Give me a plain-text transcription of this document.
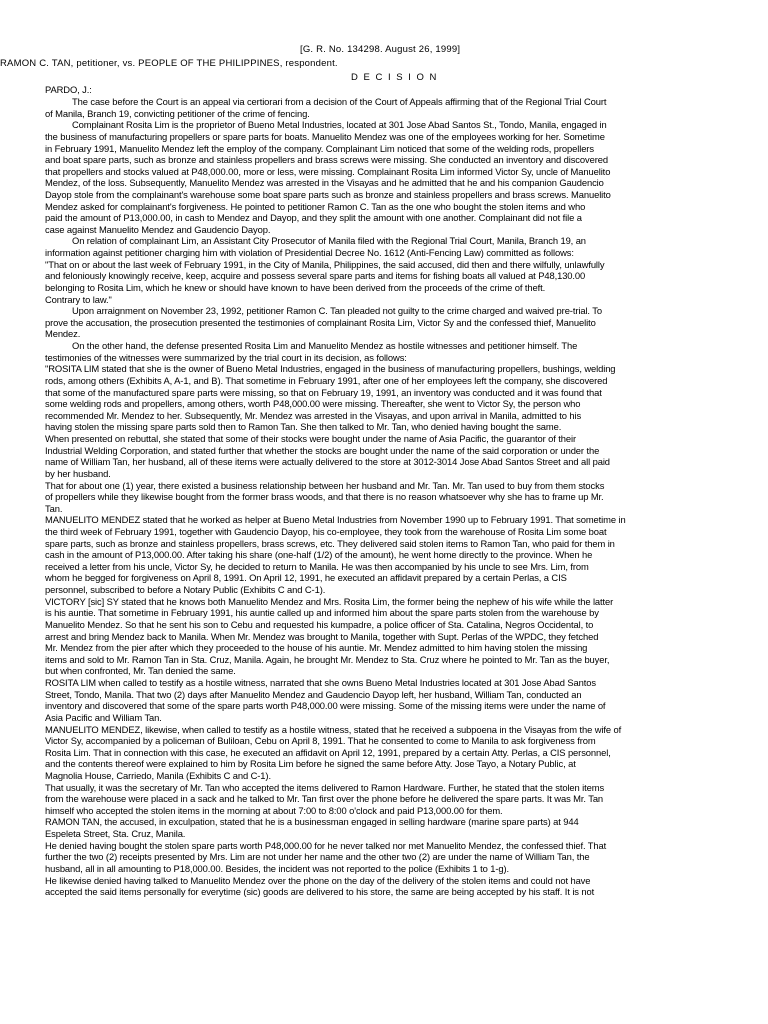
[G. R. No. 134298. August 26, 1999]
RAMON C. TAN, petitioner, vs. PEOPLE OF THE PHILIPPINES, respondent.
D E C I S I O N
PARDO, J.:
The case before the Court is an appeal via certiorari from a decision of the Court of Appeals affirming that of the Regional Trial Court
of Manila, Branch 19, convicting petitioner of the crime of fencing.
Complainant Rosita Lim is the proprietor of Bueno Metal Industries, located at 301 Jose Abad Santos St., Tondo, Manila, engaged in
the business of manufacturing propellers or spare parts for boats. Manuelito Mendez was one of the employees working for her. Sometime
in February 1991, Manuelito Mendez left the employ of the company. Complainant Lim noticed that some of the welding rods, propellers
and boat spare parts, such as bronze and stainless propellers and brass screws were missing. She conducted an inventory and discovered
that propellers and stocks valued at P48,000.00, more or less, were missing. Complainant Rosita Lim informed Victor Sy, uncle of Manuelito
Mendez, of the loss. Subsequently, Manuelito Mendez was arrested in the Visayas and he admitted that he and his companion Gaudencio
Dayop stole from the complainant's warehouse some boat spare parts such as bronze and stainless propellers and brass screws. Manuelito
Mendez asked for complainant's forgiveness. He pointed to petitioner Ramon C. Tan as the one who bought the stolen items and who
paid the amount of P13,000.00, in cash to Mendez and Dayop, and they split the amount with one another. Complainant did not file a
case against Manuelito Mendez and Gaudencio Dayop.
On relation of complainant Lim, an Assistant City Prosecutor of Manila filed with the Regional Trial Court, Manila, Branch 19, an
information against petitioner charging him with violation of Presidential Decree No. 1612 (Anti-Fencing Law) committed as follows:
"That on or about the last week of February 1991, in the City of Manila, Philippines, the said accused, did then and there wilfully, unlawfully
and feloniously knowingly receive, keep, acquire and possess several spare parts and items for fishing boats all valued at P48,130.00
belonging to Rosita Lim, which he knew or should have known to have been derived from the proceeds of the crime of theft.
Contrary to law."
Upon arraignment on November 23, 1992, petitioner Ramon C. Tan pleaded not guilty to the crime charged and waived pre-trial. To
prove the accusation, the prosecution presented the testimonies of complainant Rosita Lim, Victor Sy and the confessed thief, Manuelito
Mendez.
On the other hand, the defense presented Rosita Lim and Manuelito Mendez as hostile witnesses and petitioner himself. The
testimonies of the witnesses were summarized by the trial court in its decision, as follows:
"ROSITA LIM stated that she is the owner of Bueno Metal Industries, engaged in the business of manufacturing propellers, bushings, welding
rods, among others (Exhibits A, A-1, and B). That sometime in February 1991, after one of her employees left the company, she discovered
that some of the manufactured spare parts were missing, so that on February 19, 1991, an inventory was conducted and it was found that
some welding rods and propellers, among others, worth P48,000.00 were missing. Thereafter, she went to Victor Sy, the person who
recommended Mr. Mendez to her. Subsequently, Mr. Mendez was arrested in the Visayas, and upon arrival in Manila, admitted to his
having stolen the missing spare parts sold then to Ramon Tan. She then talked to Mr. Tan, who denied having bought the same.
When presented on rebuttal, she stated that some of their stocks were bought under the name of Asia Pacific, the guarantor of their
Industrial Welding Corporation, and stated further that whether the stocks are bought under the name of the said corporation or under the
name of William Tan, her husband, all of these items were actually delivered to the store at 3012-3014 Jose Abad Santos Street and all paid
by her husband.
That for about one (1) year, there existed a business relationship between her husband and Mr. Tan. Mr. Tan used to buy from them stocks
of propellers while they likewise bought from the former brass woods, and that there is no reason whatsoever why she has to frame up Mr.
Tan.
MANUELITO MENDEZ stated that he worked as helper at Bueno Metal Industries from November 1990 up to February 1991. That sometime in
the third week of February 1991, together with Gaudencio Dayop, his co-employee, they took from the warehouse of Rosita Lim some boat
spare parts, such as bronze and stainless propellers, brass screws, etc. They delivered said stolen items to Ramon Tan, who paid for them in
cash in the amount of P13,000.00. After taking his share (one-half (1/2) of the amount), he went home directly to the province. When he
received a letter from his uncle, Victor Sy, he decided to return to Manila. He was then accompanied by his uncle to see Mrs. Lim, from
whom he begged for forgiveness on April 8, 1991. On April 12, 1991, he executed an affidavit prepared by a certain Perlas, a CIS
personnel, subscribed to before a Notary Public (Exhibits C and C-1).
VICTORY [sic] SY stated that he knows both Manuelito Mendez and Mrs. Rosita Lim, the former being the nephew of his wife while the latter
is his auntie. That sometime in February 1991, his auntie called up and informed him about the spare parts stolen from the warehouse by
Manuelito Mendez. So that he sent his son to Cebu and requested his kumpadre, a police officer of Sta. Catalina, Negros Occidental, to
arrest and bring Mendez back to Manila. When Mr. Mendez was brought to Manila, together with Supt. Perlas of the WPDC, they fetched
Mr. Mendez from the pier after which they proceeded to the house of his auntie. Mr. Mendez admitted to him having stolen the missing
items and sold to Mr. Ramon Tan in Sta. Cruz, Manila. Again, he brought Mr. Mendez to Sta. Cruz where he pointed to Mr. Tan as the buyer,
but when confronted, Mr. Tan denied the same.
ROSITA LIM when called to testify as a hostile witness, narrated that she owns Bueno Metal Industries located at 301 Jose Abad Santos
Street, Tondo, Manila. That two (2) days after Manuelito Mendez and Gaudencio Dayop left, her husband, William Tan, conducted an
inventory and discovered that some of the spare parts worth P48,000.00 were missing. Some of the missing items were under the name of
Asia Pacific and William Tan.
MANUELITO MENDEZ, likewise, when called to testify as a hostile witness, stated that he received a subpoena in the Visayas from the wife of
Victor Sy, accompanied by a policeman of Buliloan, Cebu on April 8, 1991. That he consented to come to Manila to ask forgiveness from
Rosita Lim. That in connection with this case, he executed an affidavit on April 12, 1991, prepared by a certain Atty. Perlas, a CIS personnel,
and the contents thereof were explained to him by Rosita Lim before he signed the same before Atty. Jose Tayo, a Notary Public, at
Magnolia House, Carriedo, Manila (Exhibits C and C-1).
That usually, it was the secretary of Mr. Tan who accepted the items delivered to Ramon Hardware. Further, he stated that the stolen items
from the warehouse were placed in a sack and he talked to Mr. Tan first over the phone before he delivered the spare parts. It was Mr. Tan
himself who accepted the stolen items in the morning at about 7:00 to 8:00 o'clock and paid P13,000.00 for them.
RAMON TAN, the accused, in exculpation, stated that he is a businessman engaged in selling hardware (marine spare parts) at 944
Espeleta Street, Sta. Cruz, Manila.
He denied having bought the stolen spare parts worth P48,000.00 for he never talked nor met Manuelito Mendez, the confessed thief. That
further the two (2) receipts presented by Mrs. Lim are not under her name and the other two (2) are under the name of William Tan, the
husband, all in all amounting to P18,000.00. Besides, the incident was not reported to the police (Exhibits 1 to 1-g).
He likewise denied having talked to Manuelito Mendez over the phone on the day of the delivery of the stolen items and could not have
accepted the said items personally for everytime (sic) goods are delivered to his store, the same are being accepted by his staff. It is not
